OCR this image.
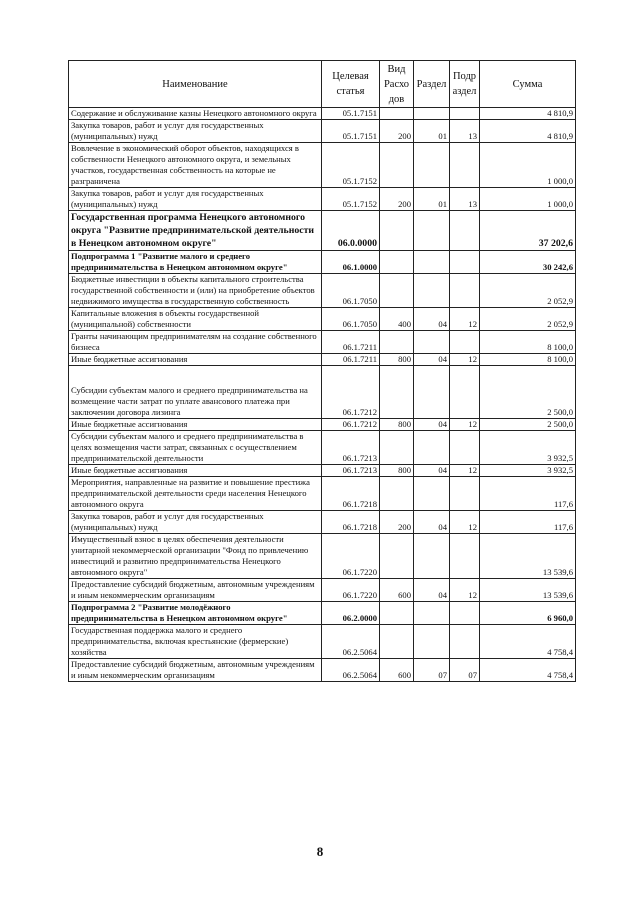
Наименование	Целевая статья	Вид Расхо дов	Раздел	Подр аздел	Сумма
Содержание и обслуживание казны Ненецкого автономного округа	05.1.7151				4 810,9
Закупка товаров, работ и услуг для государственных (муниципальных) нужд	05.1.7151	200	01	13	4 810,9
Вовлечение в экономический оборот объектов, находящихся в собственности Ненецкого автономного округа, и земельных участков, государственная собственность на которые не разграничена	05.1.7152				1 000,0
Закупка товаров, работ и услуг для государственных (муниципальных) нужд	05.1.7152	200	01	13	1 000,0
Государственная программа Ненецкого автономного округа "Развитие предпринимательской деятельности в Ненецком автономном округе"	06.0.0000				37 202,6
Подпрограмма 1 "Развитие малого и среднего предпринимательства в Ненецком автономном округе"	06.1.0000				30 242,6
Бюджетные инвестиции в объекты капитального строительства государственной собственности и (или) на приобретение объектов недвижимого имущества в государственную собственность	06.1.7050				2 052,9
Капитальные вложения в объекты государственной (муниципальной) собственности	06.1.7050	400	04	12	2 052,9
Гранты начинающим предпринимателям на создание собственного бизнеса	06.1.7211				8 100,0
Иные бюджетные ассигнования	06.1.7211	800	04	12	8 100,0
Субсидии субъектам малого и среднего предпринимательства на возмещение части затрат по уплате авансового платежа при заключении договора лизинга	06.1.7212				2 500,0
Иные бюджетные ассигнования	06.1.7212	800	04	12	2 500,0
Субсидии субъектам малого и среднего предпринимательства в целях возмещения части затрат, связанных с осуществлением предпринимательской деятельности	06.1.7213				3 932,5
Иные бюджетные ассигнования	06.1.7213	800	04	12	3 932,5
Мероприятия, направленные на развитие и повышение престижа предпринимательской деятельности среди населения Ненецкого автономного округа	06.1.7218				117,6
Закупка товаров, работ и услуг для государственных (муниципальных) нужд	06.1.7218	200	04	12	117,6
Имущественный взнос в целях обеспечения деятельности унитарной некоммерческой организации "Фонд по привлечению инвестиций и развитию предпринимательства Ненецкого автономного округа"	06.1.7220				13 539,6
Предоставление субсидий бюджетным, автономным учреждениям и иным некоммерческим организациям	06.1.7220	600	04	12	13 539,6
Подпрограмма 2 "Развитие молодёжного предпринимательства в Ненецком автономном округе"	06.2.0000				6 960,0
Государственная поддержка малого и среднего предпринимательства, включая крестьянские (фермерские) хозяйства	06.2.5064				4 758,4
Предоставление субсидий бюджетным, автономным учреждениям и иным некоммерческим организациям	06.2.5064	600	07	07	4 758,4
8
